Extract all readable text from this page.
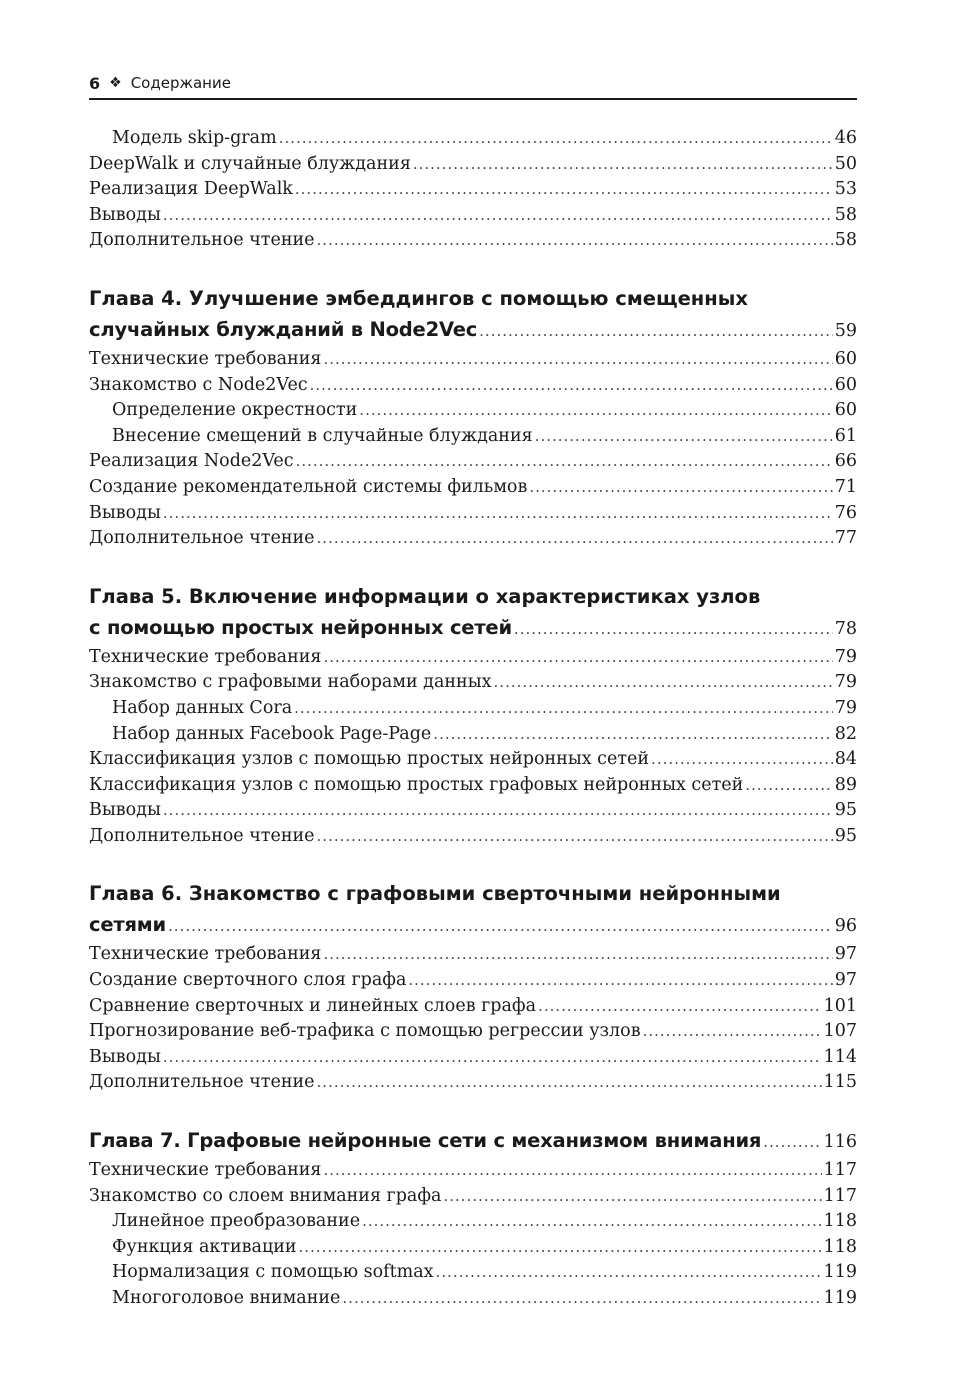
6 ❖ Содержание
Модель skip-gram .....	46
DeepWalk и случайные блуждания .....	50
Реализация DeepWalk .....	53
Выводы .....	58
Дополнительное чтение .....	58
Глава 4. Улучшение эмбеддингов с помощью смещенных
случайных блужданий в Node2Vec .....	59
Технические требования .....	60
Знакомство с Node2Vec .....	60
Определение окрестности .....	60
Внесение смещений в случайные блуждания .....	61
Реализация Node2Vec .....	66
Создание рекомендательной системы фильмов .....	71
Выводы .....	76
Дополнительное чтение .....	77
Глава 5. Включение информации о характеристиках узлов
с помощью простых нейронных сетей .....	78
Технические требования .....	79
Знакомство с графовыми наборами данных .....	79
Набор данных Cora .....	79
Набор данных Facebook Page-Page .....	82
Классификация узлов с помощью простых нейронных сетей .....	84
Классификация узлов с помощью простых графовых нейронных сетей .....	89
Выводы .....	95
Дополнительное чтение .....	95
Глава 6. Знакомство с графовыми сверточными нейронными
сетями .....	96
Технические требования .....	97
Создание сверточного слоя графа .....	97
Сравнение сверточных и линейных слоев графа .....	101
Прогнозирование веб-трафика с помощью регрессии узлов .....	107
Выводы .....	114
Дополнительное чтение .....	115
Глава 7. Графовые нейронные сети с механизмом внимания .....	116
Технические требования .....	117
Знакомство со слоем внимания графа .....	117
Линейное преобразование .....	118
Функция активации .....	118
Нормализация с помощью softmax .....	119
Многоголовое внимание .....	119
